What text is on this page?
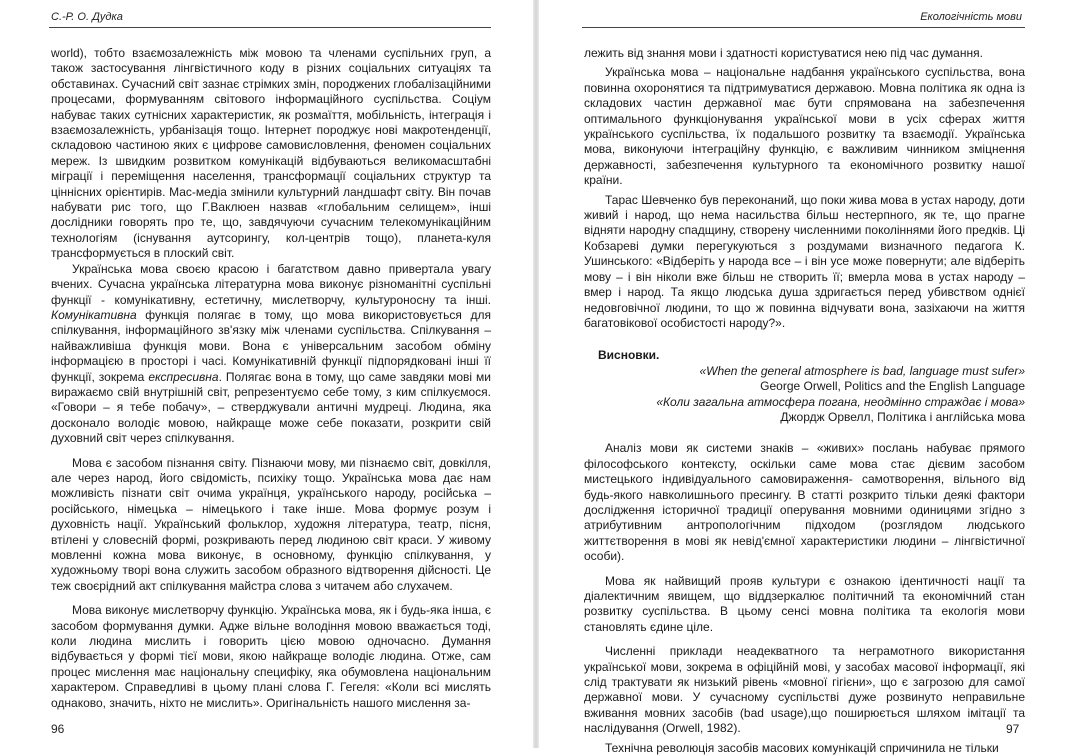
С.-Р. О. Дудка

world), тобто взаємозалежність між мовою та членами суспільних груп, а також застосування лінгвістичного коду в різних соціальних ситуаціях та обставинах. Сучасний світ зазнає стрімких змін, породжених глобалізаційними процесами, формуванням світового інформаційного суспільства. Соціум набуває таких сутнісних характеристик, як розмаїття, мобільність, інтеграція і взаємозалежність, урбанізація тощо. Інтернет породжує нові макротенденції, складовою частиною яких є цифрове самовисловлення, феномен соціальних мереж. Із швидким розвитком комунікацій відбуваються великомасштабні міграції і переміщення населення, трансформації соціальних структур та ціннісних орієнтирів. Мас-медіа змінили культурний ландшафт світу. Він почав набувати рис того, що Г.Ваклюен назвав «глобальним селищем», інші дослідники говорять про те, що, завдячуючи сучасним телекомунікаційним технологіям (існування аутсорингу, кол-центрів тощо), планета-куля трансформується в плоский світ.

Українська мова своєю красою і багатством давно привертала увагу вчених. Сучасна українська літературна мова виконує різноманітні суспільні функції - комунікативну, естетичну, мислетворчу, культуроносну та інші. Комунікативна функція полягає в тому, що мова використовується для спілкування, інформаційного зв'язку між членами суспільства. Спілкування – найважливіша функція мови. Вона є універсальним засобом обміну інформацією в просторі і часі. Комунікативній функції підпорядковані інші її функції, зокрема експресивна. Полягає вона в тому, що саме завдяки мові ми виражаємо свій внутрішній світ, репрезентуємо себе тому, з ким спілкуємося. «Говори – я тебе побачу», – стверджували античні мудреці. Людина, яка досконало володіє мовою, найкраще може себе показати, розкрити свій духовний світ через спілкування.

Мова є засобом пізнання світу. Пізнаючи мову, ми пізнаємо світ, довкілля, але через народ, його свідомість, психіку тощо. Українська мова дає нам можливість пізнати світ очима українця, українського народу, російська – російського, німецька – німецького і таке інше. Мова формує розум і духовність нації. Український фольклор, художня література, театр, пісня, втілені у словесній формі, розкривають перед людиною світ краси. У живому мовленні кожна мова виконує, в основному, функцію спілкування, у художньому творі вона служить засобом образного відтворення дійсності. Це теж своєрідний акт спілкування майстра слова з читачем або слухачем.

Мова виконує мислетворчу функцію. Українська мова, як і будь-яка інша, є засобом формування думки. Адже вільне володіння мовою вважається тоді, коли людина мислить і говорить цією мовою одночасно. Думання відбувається у формі тієї мови, якою найкраще володіє людина. Отже, сам процес мислення має національну специфіку, яка обумовлена національним характером. Справедливі в цьому плані слова Г. Гегеля: «Коли всі мислять однаково, значить, ніхто не мислить». Оригінальність нашого мислення за-

96
Екологічність мови

лежить від знання мови і здатності користуватися нею під час думання.

Українська мова – національне надбання українського суспільства, вона повинна охоронятися та підтримуватися державою. Мовна політика як одна із складових частин державної має бути спрямована на забезпечення оптимального функціонування української мови в усіх сферах життя українського суспільства, їх подальшого розвитку та взаємодії. Українська мова, виконуючи інтеграційну функцію, є важливим чинником зміцнення державності, забезпечення культурного та економічного розвитку нашої країни.

Тарас Шевченко був переконаний, що поки жива мова в устах народу, доти живий і народ, що нема насильства більш нестерпного, як те, що прагне відняти народну спадщину, створену численними поколіннями його предків. Ці Кобзареві думки перегукуються з роздумами визначного педагога К. Ушинського: «Відберіть у народа все – і він усе може повернути; але відберіть мову – і він ніколи вже більш не створить її; вмерла мова в устах народу – вмер і народ. Та якщо людська душа здригається перед убивством однієї недовговічної людини, то що ж повинна відчувати вона, зазіхаючи на життя багатовікової особистості народу?».

Висновки.
«When the general atmosphere is bad, language must sufer»
George Orwell, Politics and the English Language
«Коли загальна атмосфера погана, неодмінно страждає і мова»
Джордж Орвелл, Політика і англійська мова

Аналіз мови як системи знаків – «живих» послань набуває прямого філософського контексту, оскільки саме мова стає дієвим засобом мистецького індивідуального самовираження- самотворення, вільного від будь-якого навколишнього пресингу. В статті розкрито тільки деякі фактори дослідження історичної традиції оперування мовними одиницями згідно з атрибутивним антропологічним підходом (розглядом людського життєтворення в мові як невід'ємної характеристики людини – лінгвістичної особи).

Мова як найвищий прояв культури є ознакою ідентичності нації та діалектичним явищем, що віддзеркалює політичний та економічний стан розвитку суспільства. В цьому сенсі мовна політика та екологія мови становлять єдине ціле.

Численні приклади неадекватного та неграмотного використання української мови, зокрема в офіційній мові, у засобах масової інформації, які слід трактувати як низький рівень «мовної гігієни», що є загрозою для самої державної мови. У сучасному суспільстві дуже розвинуто неправильне вживання мовних засобів (bad usage),що поширюється шляхом імітації та наслідування (Orwell, 1982).

Технічна революція засобів масових комунікацій спричинила не тільки

97
